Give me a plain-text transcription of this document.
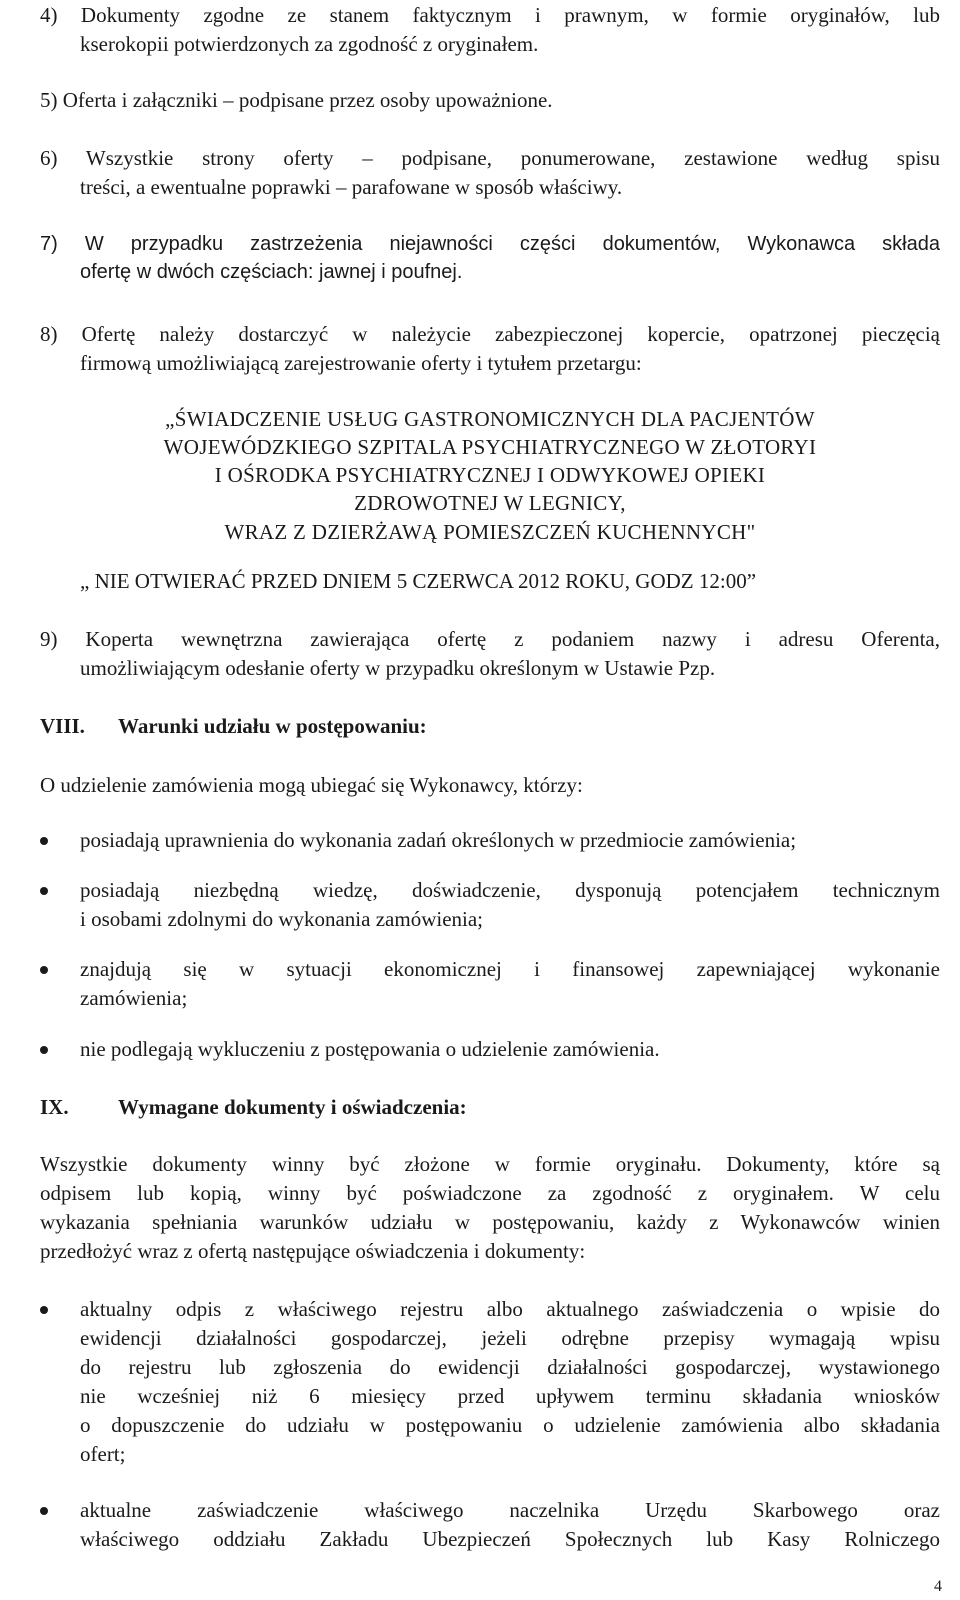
4) Dokumenty zgodne ze stanem faktycznym i prawnym, w formie oryginałów, lub
kserokopii potwierdzonych za zgodność z oryginałem.
5) Oferta i załączniki – podpisane przez osoby upoważnione.
6) Wszystkie strony oferty – podpisane, ponumerowane, zestawione według spisu
treści, a ewentualne poprawki – parafowane w sposób właściwy.
7) W przypadku zastrzeżenia niejawności części dokumentów, Wykonawca składa
ofertę w dwóch częściach: jawnej i poufnej.
8) Ofertę należy dostarczyć w należycie zabezpieczonej kopercie, opatrzonej pieczęcią
firmową umożliwiającą zarejestrowanie oferty i tytułem przetargu:
„ŚWIADCZENIE USŁUG GASTRONOMICZNYCH DLA PACJENTÓW
WOJEWÓDZKIEGO SZPITALA PSYCHIATRYCZNEGO W ZŁOTORYI
I OŚRODKA PSYCHIATRYCZNEJ I ODWYKOWEJ OPIEKI
ZDROWOTNEJ W LEGNICY,
WRAZ Z DZIERŻAWĄ POMIESZCZEŃ KUCHENNYCH"
„ NIE OTWIERAĆ PRZED DNIEM 5 CZERWCA 2012 ROKU, GODZ 12:00”
9) Koperta wewnętrzna zawierająca ofertę z podaniem nazwy i adresu Oferenta,
umożliwiającym odesłanie oferty w przypadku określonym w Ustawie Pzp.
VIII. Warunki udziału w postępowaniu:
O udzielenie zamówienia mogą ubiegać się Wykonawcy, którzy:
posiadają uprawnienia do wykonania zadań określonych w przedmiocie zamówienia;
posiadają niezbędną wiedzę, doświadczenie, dysponują potencjałem technicznym
i osobami zdolnymi do wykonania zamówienia;
znajdują się w sytuacji ekonomicznej i finansowej zapewniającej wykonanie
zamówienia;
nie podlegają wykluczeniu z postępowania o udzielenie zamówienia.
IX. Wymagane dokumenty i oświadczenia:
Wszystkie dokumenty winny być złożone w formie oryginału. Dokumenty, które są
odpisem lub kopią, winny być poświadczone za zgodność z oryginałem. W celu
wykazania spełniania warunków udziału w postępowaniu, każdy z Wykonawców winien
przedłożyć wraz z ofertą następujące oświadczenia i dokumenty:
aktualny odpis z właściwego rejestru albo aktualnego zaświadczenia o wpisie do
ewidencji działalności gospodarczej, jeżeli odrębne przepisy wymagają wpisu
do rejestru lub zgłoszenia do ewidencji działalności gospodarczej, wystawionego
nie wcześniej niż 6 miesięcy przed upływem terminu składania wniosków
o dopuszczenie do udziału w postępowaniu o udzielenie zamówienia albo składania
ofert;
aktualne zaświadczenie właściwego naczelnika Urzędu Skarbowego oraz
właściwego oddziału Zakładu Ubezpieczeń Społecznych lub Kasy Rolniczego
4
